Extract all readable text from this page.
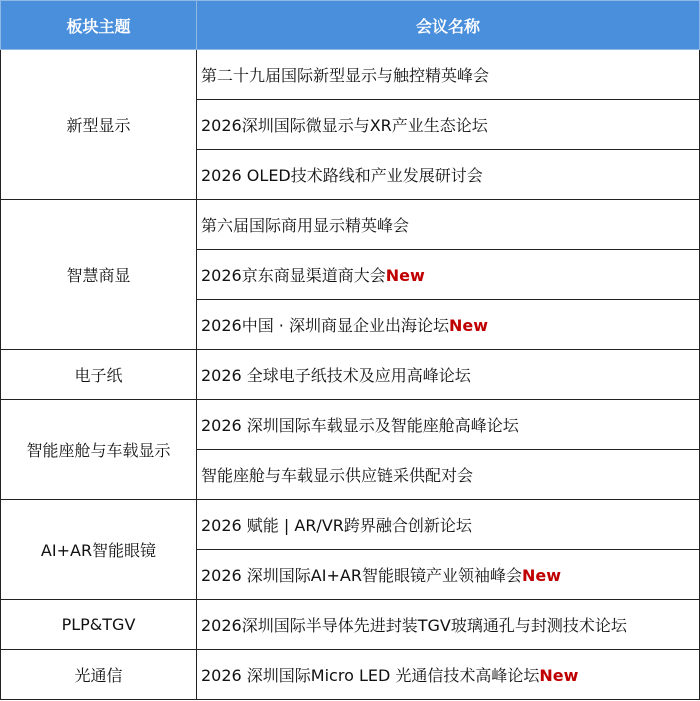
板块主题	会议名称
新型显示	第二十九届国际新型显示与触控精英峰会
	2026深圳国际微显示与XR产业生态论坛
	2026 OLED技术路线和产业发展研讨会
智慧商显	第六届国际商用显示精英峰会
	2026京东商显渠道商大会New
	2026中国 · 深圳商显企业出海论坛New
电子纸	2026 全球电子纸技术及应用高峰论坛
智能座舱与车载显示	2026 深圳国际车载显示及智能座舱高峰论坛
	智能座舱与车载显示供应链采供配对会
AI+AR智能眼镜	2026 赋能 | AR/VR跨界融合创新论坛
	2026 深圳国际AI+AR智能眼镜产业领袖峰会New
PLP&TGV	2026深圳国际半导体先进封装TGV玻璃通孔与封测技术论坛
光通信	2026 深圳国际Micro LED 光通信技术高峰论坛New
